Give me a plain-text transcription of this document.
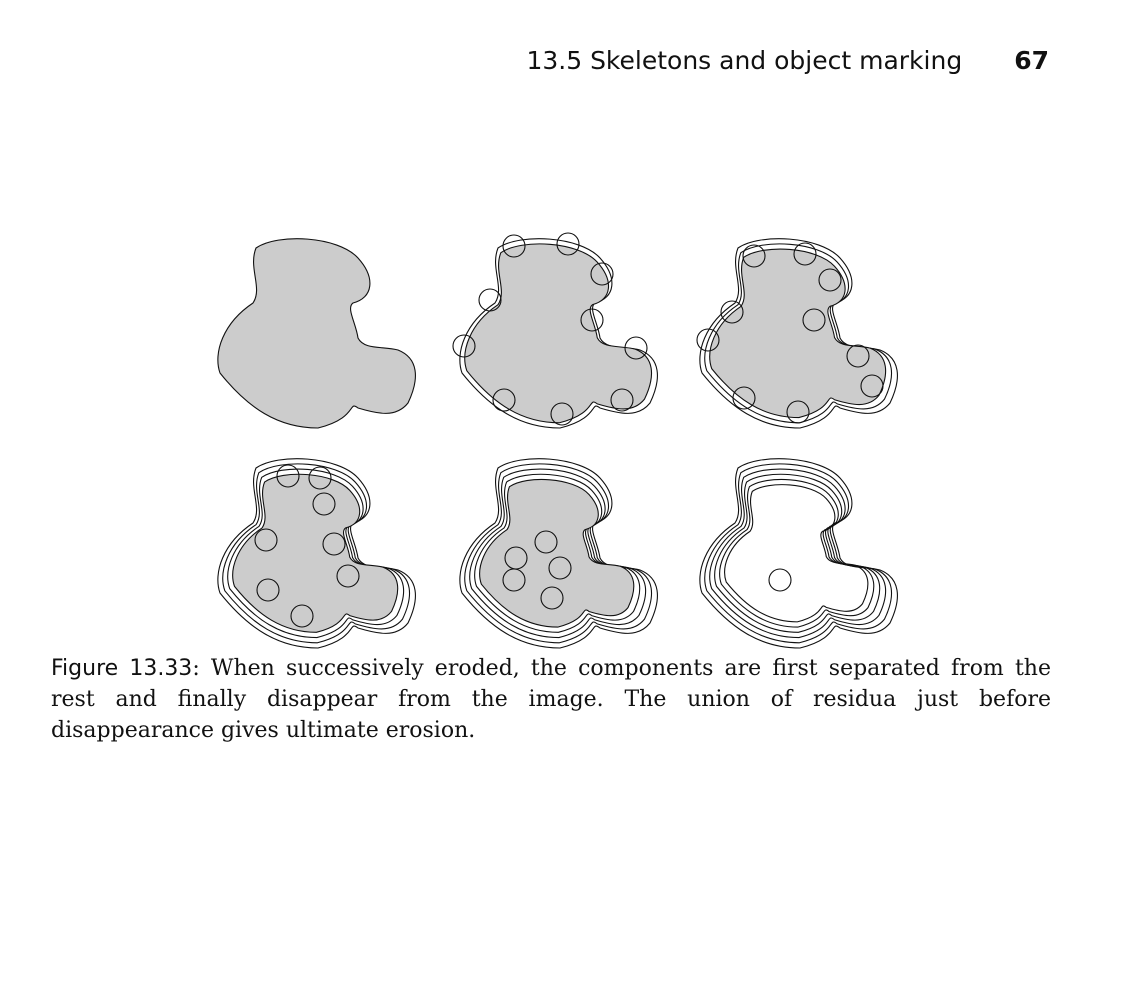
13.5 Skeletons and object marking 67
Figure 13.33: When successively eroded, the components are first separated from the rest and finally disappear from the image. The union of residua just before disappearance gives ultimate erosion.
